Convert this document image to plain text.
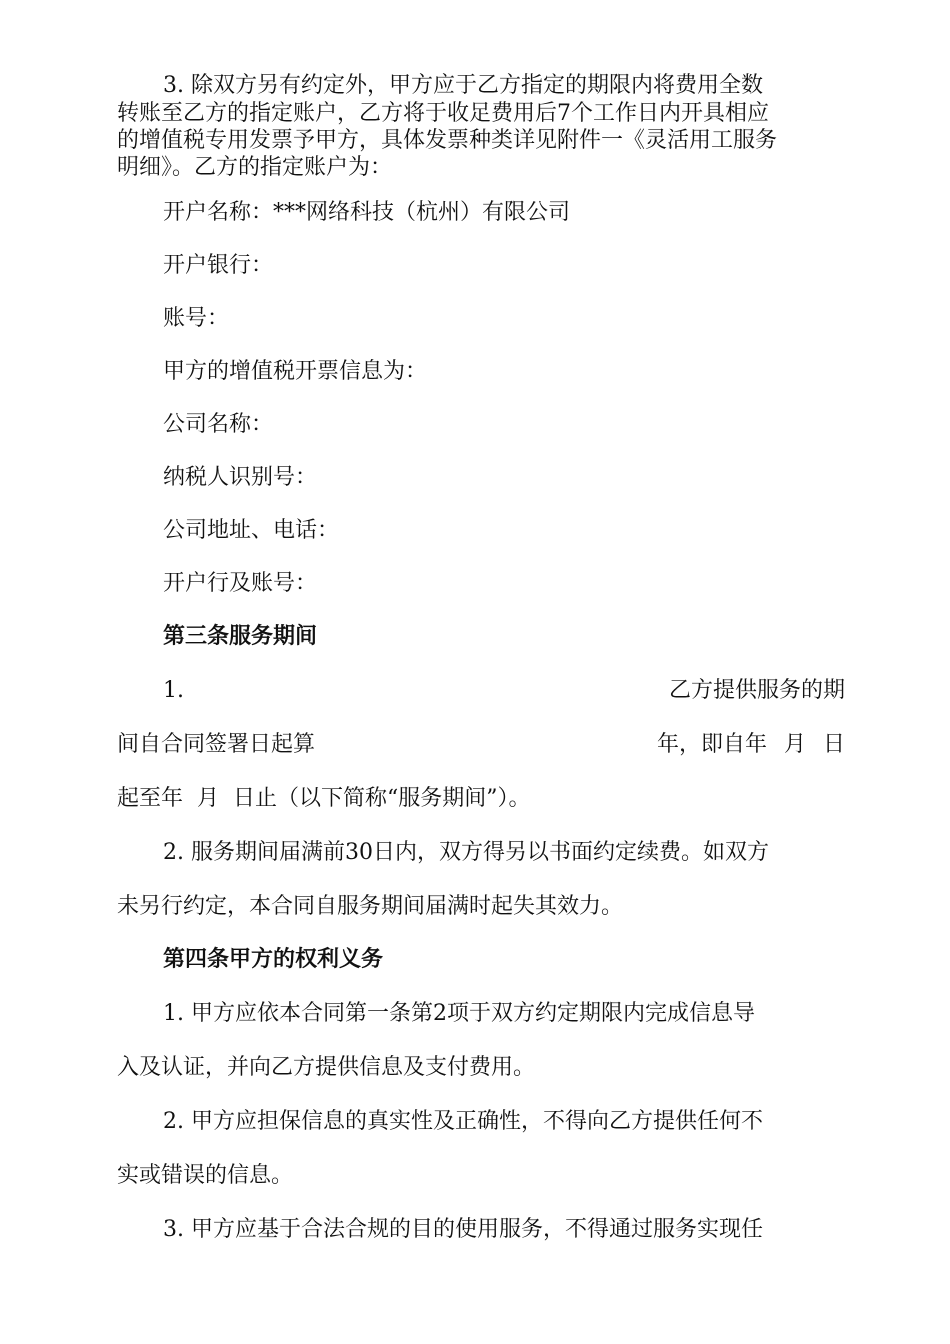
3. 除双方另有约定外，甲方应于乙方指定的期限内将费用全数
转账至乙方的指定账户，乙方将于收足费用后7个工作日内开具相应
的增值税专用发票予甲方，具体发票种类详见附件一《灵活用工服务
明细》。乙方的指定账户为：
开户名称：***网络科技（杭州）有限公司
开户银行：
账号：
甲方的增值税开票信息为：
公司名称：
纳税人识别号：
公司地址、电话：
开户行及账号：
第三条服务期间
1.	乙方提供服务的期
间自合同签署日起算	年，即自年 月 日
起至年  月  日止（以下简称“服务期间”）。
2. 服务期间届满前30日内，双方得另以书面约定续费。如双方
未另行约定，本合同自服务期间届满时起失其效力。
第四条甲方的权利义务
1. 甲方应依本合同第一条第2项于双方约定期限内完成信息导
入及认证，并向乙方提供信息及支付费用。
2. 甲方应担保信息的真实性及正确性，不得向乙方提供任何不
实或错误的信息。
3. 甲方应基于合法合规的目的使用服务，不得通过服务实现任
